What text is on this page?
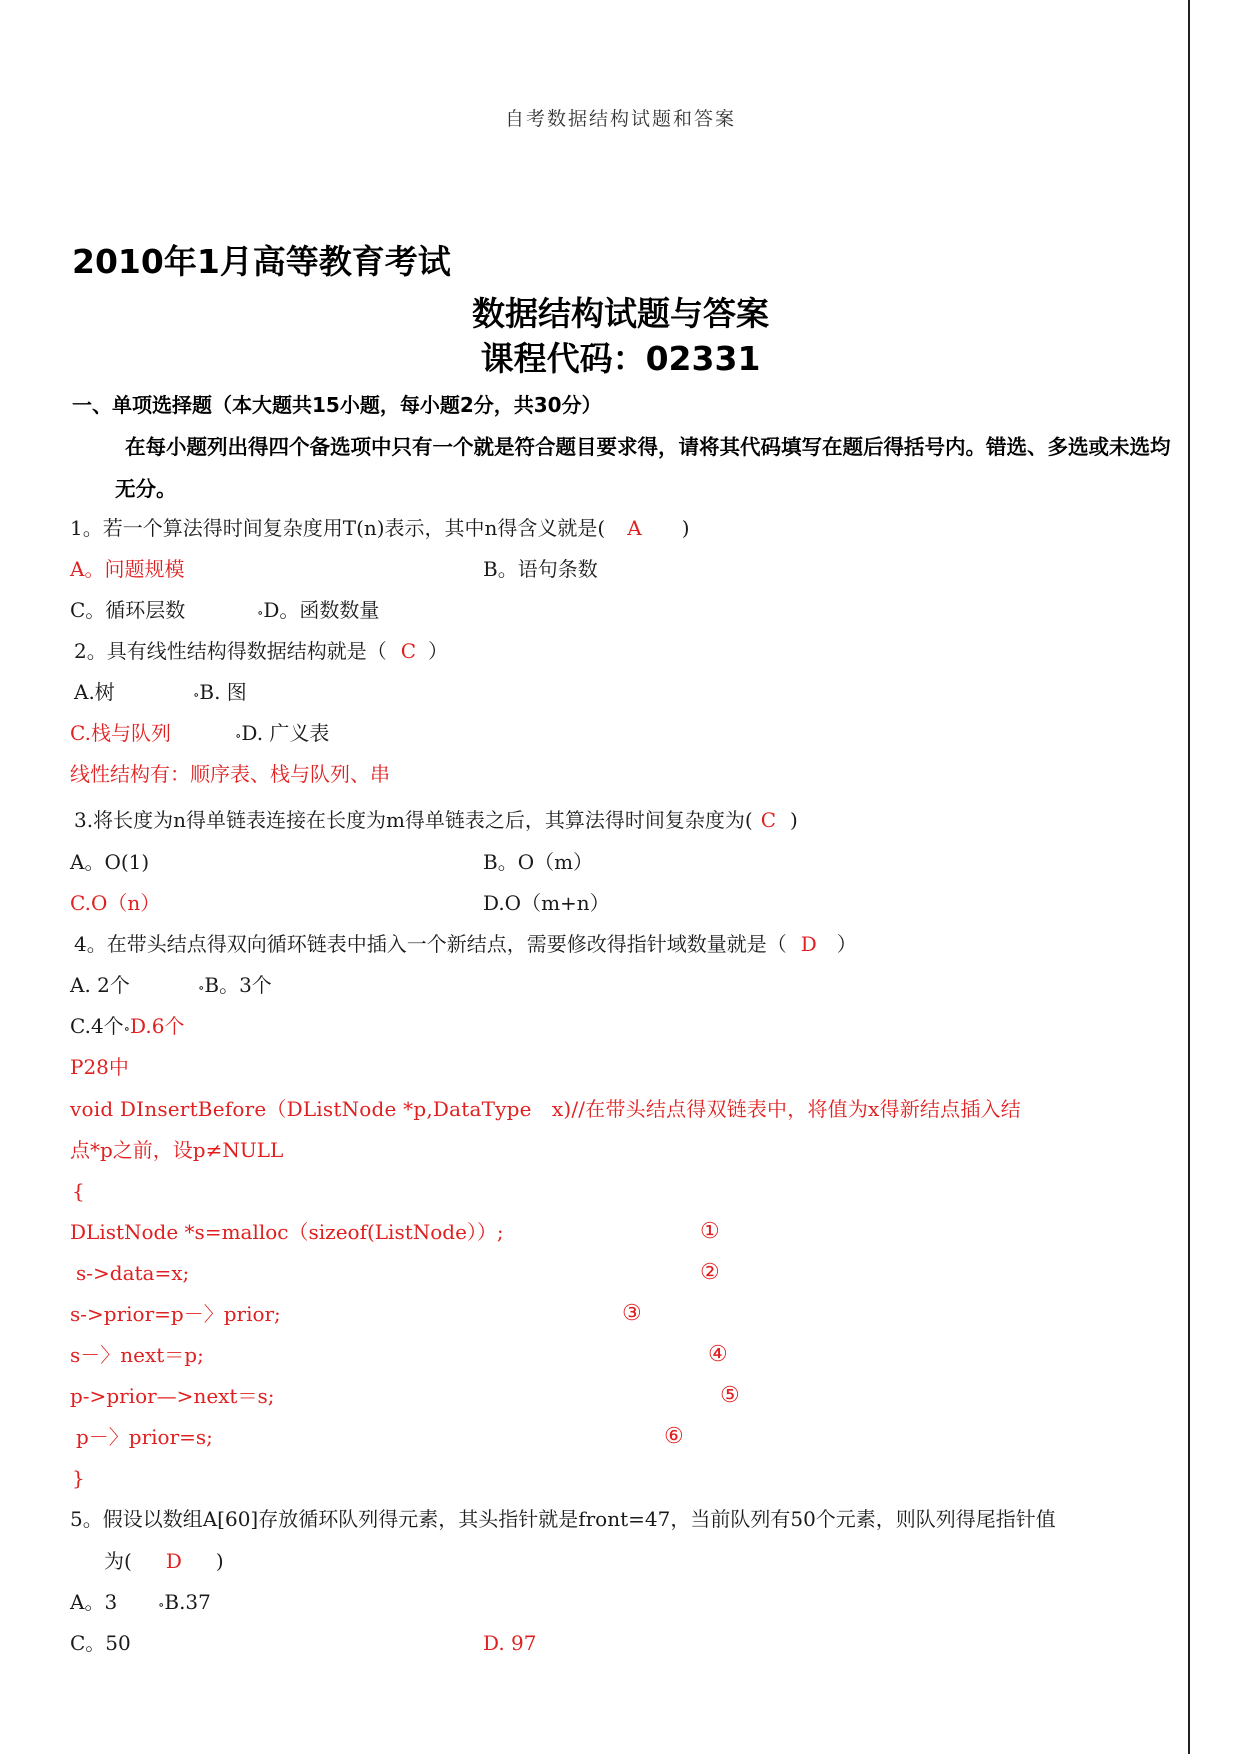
自考数据结构试题和答案
2010年1月高等教育考试
数据结构试题与答案
课程代码：02331
一、单项选择题（本大题共15小题，每小题2分，共30分）
在每小题列出得四个备选项中只有一个就是符合题目要求得，请将其代码填写在题后得括号内。错选、多选或未选均无分。
1。若一个算法得时间复杂度用T(n)表示，其中n得含义就是( A )
A。问题规模	B。语句条数
C。循环层数	∘D。函数数量
2。具有线性结构得数据结构就是（ C ）
A.树	∘B. 图
C.栈与队列	∘D. 广义表
线性结构有：顺序表、栈与队列、串
3.将长度为n得单链表连接在长度为m得单链表之后，其算法得时间复杂度为( C )
A。O(1)	B。O（m）
C.O（n）	D.O（m+n）
4。在带头结点得双向循环链表中插入一个新结点，需要修改得指针域数量就是（ D ）
A. 2个	∘B。3个
C.4个∘D.6个
P28中
void DInsertBefore（DListNode *p,DataType　x)//在带头结点得双链表中，将值为x得新结点插入结
点*p之前，设p≠NULL
{
DListNode *s=malloc（sizeof(ListNode））;	①
s->data=x;	②
s->prior=p－〉prior;	③
s－〉next＝p;	④
p->prior—>next＝s;	⑤
p－〉prior=s;	⑥
}
5。假设以数组A[60]存放循环队列得元素，其头指针就是front=47，当前队列有50个元素，则队列得尾指针值
为( D )
A。3	∘B.37
C。50	D. 97
